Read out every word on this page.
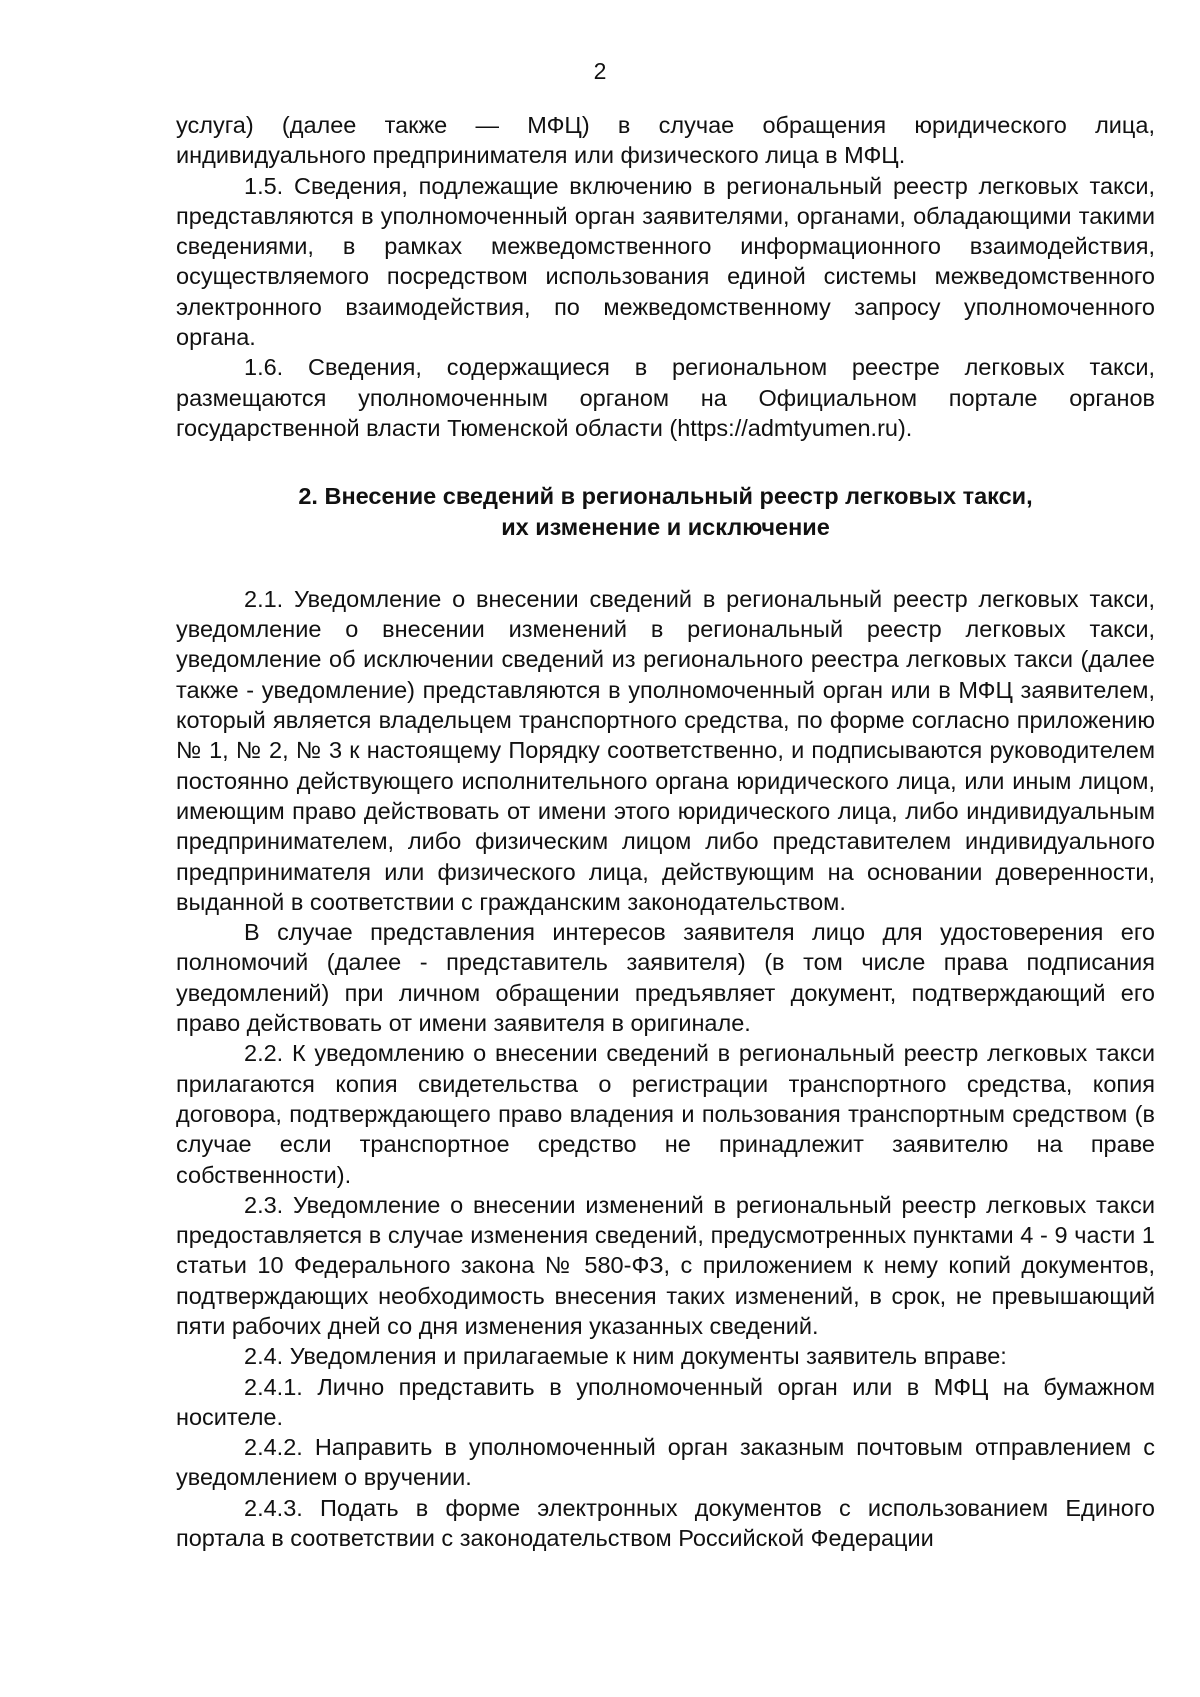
2

услуга) (далее также — МФЦ) в случае обращения юридического лица, индивидуального предпринимателя или физического лица в МФЦ.

1.5. Сведения, подлежащие включению в региональный реестр легковых такси, представляются в уполномоченный орган заявителями, органами, обладающими такими сведениями, в рамках межведомственного информационного взаимодействия, осуществляемого посредством использования единой системы межведомственного электронного взаимодействия, по межведомственному запросу уполномоченного органа.

1.6. Сведения, содержащиеся в региональном реестре легковых такси, размещаются уполномоченным органом на Официальном портале органов государственной власти Тюменской области (https://admtyumen.ru).

2. Внесение сведений в региональный реестр легковых такси,
их изменение и исключение

2.1. Уведомление о внесении сведений в региональный реестр легковых такси, уведомление о внесении изменений в региональный реестр легковых такси, уведомление об исключении сведений из регионального реестра легковых такси (далее также - уведомление) представляются в уполномоченный орган или в МФЦ заявителем, который является владельцем транспортного средства, по форме согласно приложению № 1, № 2, № 3 к настоящему Порядку соответственно, и подписываются руководителем постоянно действующего исполнительного органа юридического лица, или иным лицом, имеющим право действовать от имени этого юридического лица, либо индивидуальным предпринимателем, либо физическим лицом либо представителем индивидуального предпринимателя или физического лица, действующим на основании доверенности, выданной в соответствии с гражданским законодательством.

В случае представления интересов заявителя лицо для удостоверения его полномочий (далее - представитель заявителя) (в том числе права подписания уведомлений) при личном обращении предъявляет документ, подтверждающий его право действовать от имени заявителя в оригинале.

2.2. К уведомлению о внесении сведений в региональный реестр легковых такси прилагаются копия свидетельства о регистрации транспортного средства, копия договора, подтверждающего право владения и пользования транспортным средством (в случае если транспортное средство не принадлежит заявителю на праве собственности).

2.3. Уведомление о внесении изменений в региональный реестр легковых такси предоставляется в случае изменения сведений, предусмотренных пунктами 4 - 9 части 1 статьи 10 Федерального закона № 580-ФЗ, с приложением к нему копий документов, подтверждающих необходимость внесения таких изменений, в срок, не превышающий пяти рабочих дней со дня изменения указанных сведений.

2.4. Уведомления и прилагаемые к ним документы заявитель вправе:

2.4.1. Лично представить в уполномоченный орган или в МФЦ на бумажном носителе.

2.4.2. Направить в уполномоченный орган заказным почтовым отправлением с уведомлением о вручении.

2.4.3. Подать в форме электронных документов с использованием Единого портала в соответствии с законодательством Российской Федерации
